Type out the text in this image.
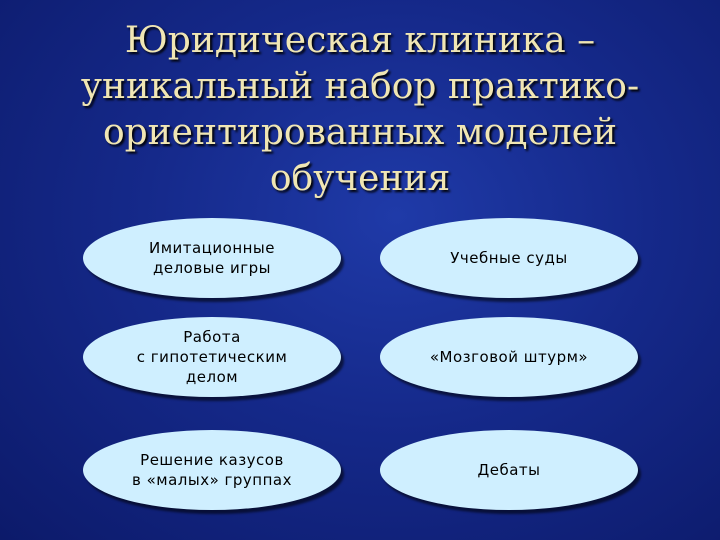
Юридическая клиника – уникальный набор практико-ориентированных моделей обучения
Имитационные
деловые игры
Учебные суды
Работа
с гипотетическим
делом
«Мозговой штурм»
Решение казусов
в «малых» группах
Дебаты
